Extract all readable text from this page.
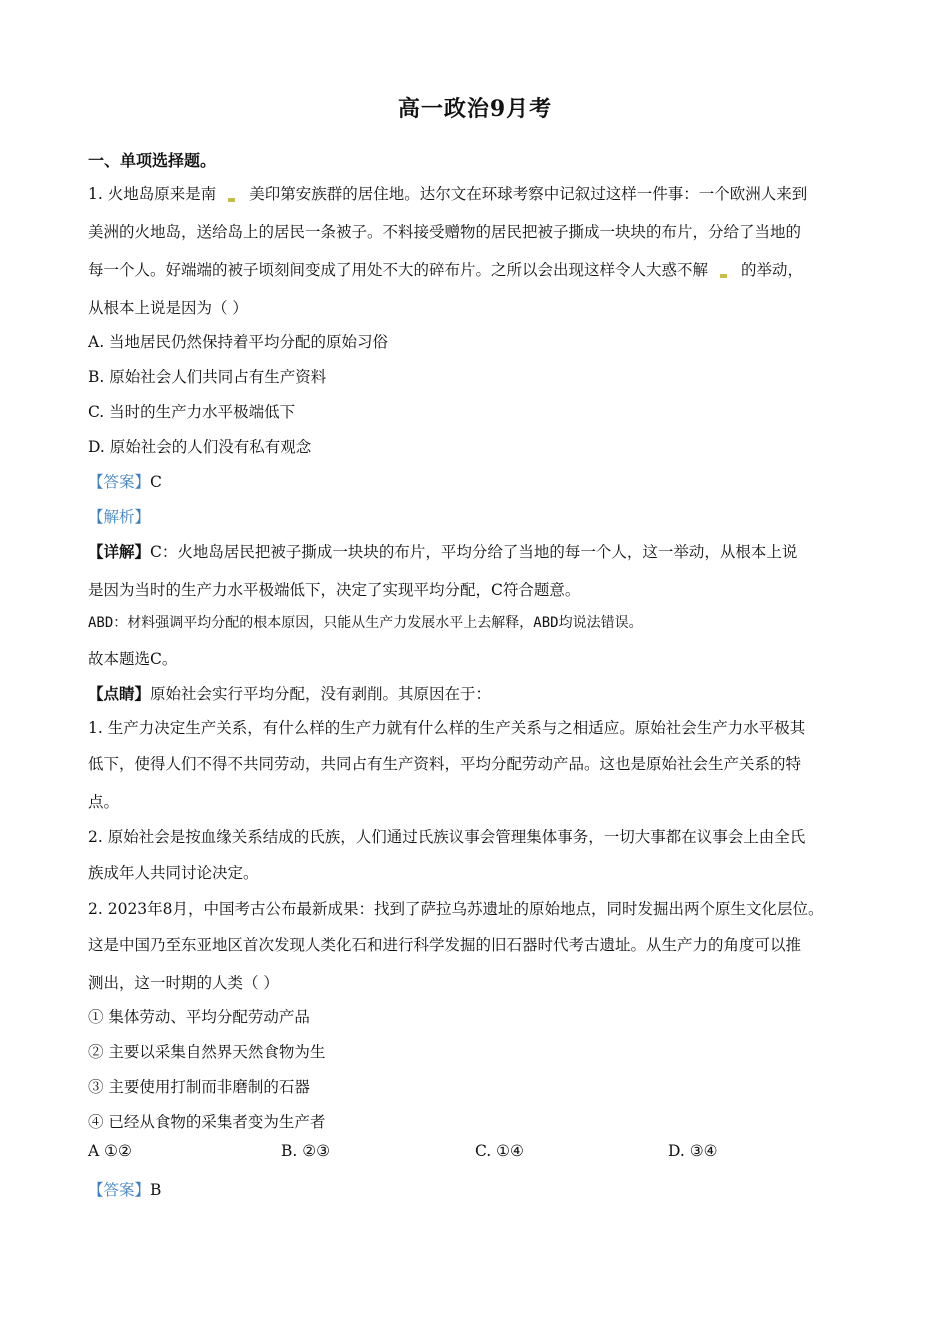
高一政治9月考
一、单项选择题。
1. 火地岛原来是南 美印第安族群的居住地。达尔文在环球考察中记叙过这样一件事：一个欧洲人来到
美洲的火地岛，送给岛上的居民一条被子。不料接受赠物的居民把被子撕成一块块的布片，分给了当地的
每一个人。好端端的被子顷刻间变成了用处不大的碎布片。之所以会出现这样令人大惑不解 的举动，
从根本上说是因为（ ）
A. 当地居民仍然保持着平均分配的原始习俗
B. 原始社会人们共同占有生产资料
C. 当时的生产力水平极端低下
D. 原始社会的人们没有私有观念
【答案】C
【解析】
【详解】C：火地岛居民把被子撕成一块块的布片，平均分给了当地的每一个人，这一举动，从根本上说
是因为当时的生产力水平极端低下，决定了实现平均分配，C符合题意。
ABD：材料强调平均分配的根本原因，只能从生产力发展水平上去解释，ABD均说法错误。
故本题选C。
【点睛】原始社会实行平均分配，没有剥削。其原因在于：
1. 生产力决定生产关系，有什么样的生产力就有什么样的生产关系与之相适应。原始社会生产力水平极其
低下，使得人们不得不共同劳动，共同占有生产资料，平均分配劳动产品。这也是原始社会生产关系的特
点。
2. 原始社会是按血缘关系结成的氏族，人们通过氏族议事会管理集体事务，一切大事都在议事会上由全氏
族成年人共同讨论决定。
2. 2023年8月，中国考古公布最新成果：找到了萨拉乌苏遗址的原始地点，同时发掘出两个原生文化层位。
这是中国乃至东亚地区首次发现人类化石和进行科学发掘的旧石器时代考古遗址。从生产力的角度可以推
测出，这一时期的人类（ ）
① 集体劳动、平均分配劳动产品
② 主要以采集自然界天然食物为生
③ 主要使用打制而非磨制的石器
④ 已经从食物的采集者变为生产者
A ①②	B. ②③	C. ①④	D. ③④
【答案】B
